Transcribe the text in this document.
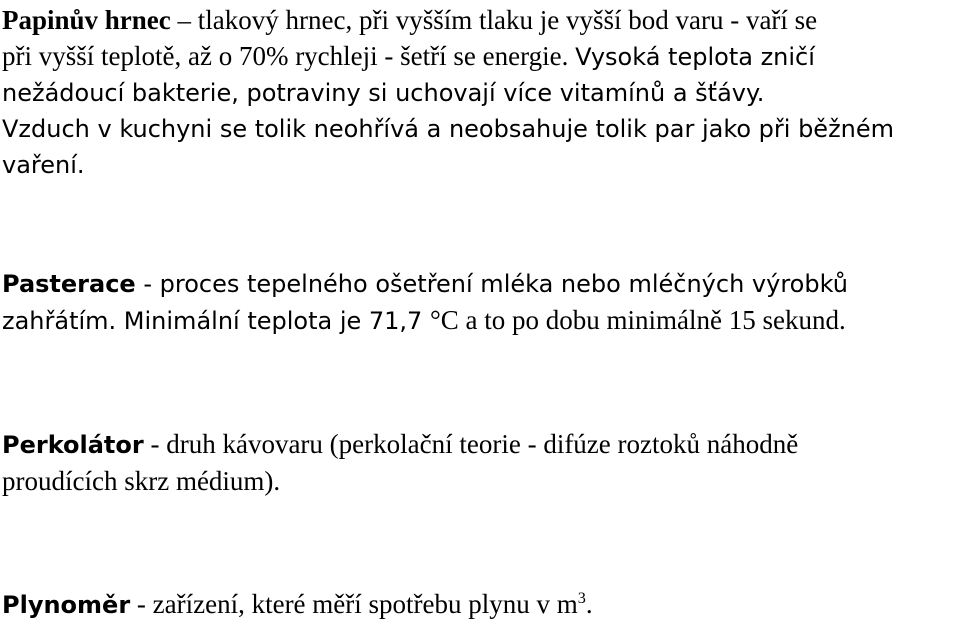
Papinův hrnec – tlakový hrnec, při vyšším tlaku je vyšší bod varu - vaří se
při vyšší teplotě, až o 70% rychleji - šetří se energie. Vysoká teplota zničí
nežádoucí bakterie, potraviny si uchovají více vitamínů a šťávy.
Vzduch v kuchyni se tolik neohřívá a neobsahuje tolik par jako při běžném
vaření.
Pasterace - proces tepelného ošetření mléka nebo mléčných výrobků
zahřátím. Minimální teplota je 71,7 °C a to po dobu minimálně 15 sekund.
Perkolátor - druh kávovaru (perkolační teorie - difúze roztoků náhodně
proudících skrz médium).
Plynoměr - zařízení, které měří spotřebu plynu v $m^3$.
